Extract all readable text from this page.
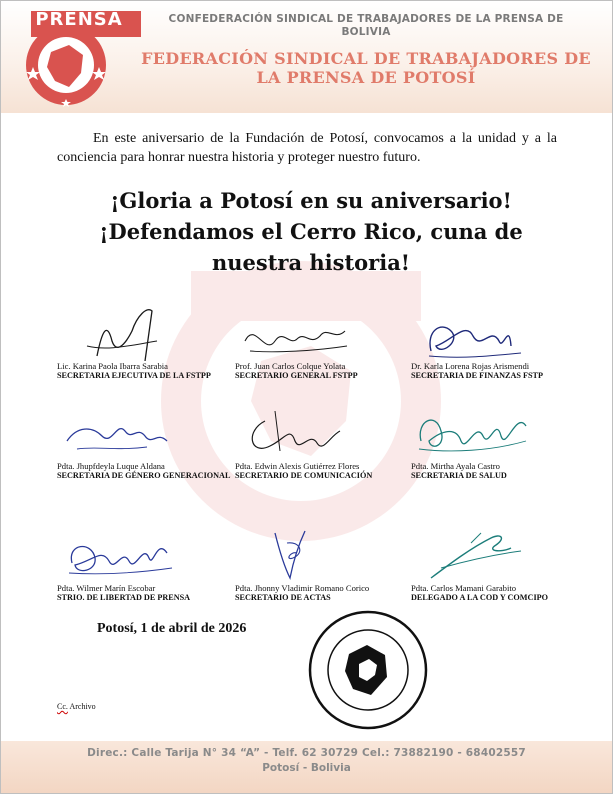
PRENSA	CONFEDERACIÓN SINDICAL DE TRABAJADORES DE LA PRENSA DE BOLIVIA
FEDERACIÓN SINDICAL DE TRABAJADORES DE LA PRENSA DE POTOSÍ

En este aniversario de la Fundación de Potosí, convocamos a la unidad y a la conciencia para honrar nuestra historia y proteger nuestro futuro.

¡Gloria a Potosí en su aniversario!
¡Defendamos el Cerro Rico, cuna de nuestra historia!
Lic. Karina Paola Ibarra Sarabia
SECRETARIA EJECUTIVA DE LA FSTPP
Prof. Juan Carlos Colque Yolata
SECRETARIO GENERAL FSTPP
Dr. Karla Lorena Rojas Arismendi
SECRETARIA DE FINANZAS FSTP
Pdta. Jhupfdeyla Luque Aldana
SECRETARIA DE GÉNERO GENERACIONAL
Pdta. Edwin Alexis Gutiérrez Flores
SECRETARIO DE COMUNICACIÓN
Pdta. Mirtha Ayala Castro
SECRETARIA DE SALUD
Pdta. Wilmer Marín Escobar
STRIO. DE LIBERTAD DE PRENSA
Pdta. Jhonny Vladimir Romano Corico
SECRETARIO DE ACTAS
Pdta. Carlos Mamani Garabito
DELEGADO A LA COD Y COMCIPO
Potosí, 1 de abril de 2026
Cc. Archivo
Direc.: Calle Tarija N° 34 “A” - Telf. 62 30729 Cel.: 73882190 - 68402557
Potosí - Bolivia
